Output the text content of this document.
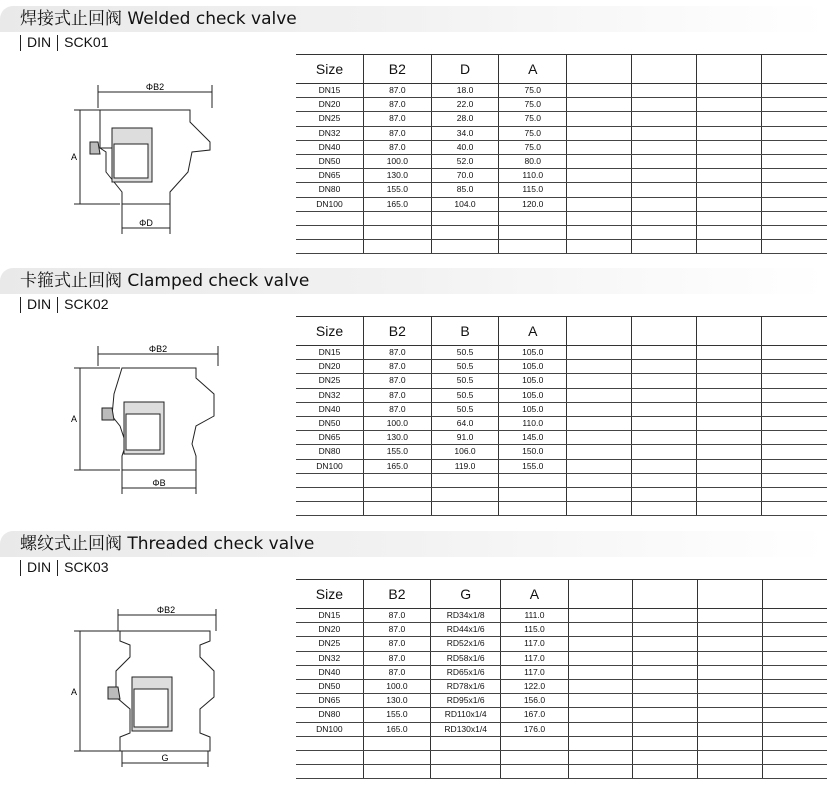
焊接式止回阀 Welded check valve
DIN SCK01
ΦB2
A
ΦD
Size	B2	D	A				
DN15	87.0	18.0	75.0				
DN20	87.0	22.0	75.0				
DN25	87.0	28.0	75.0				
DN32	87.0	34.0	75.0				
DN40	87.0	40.0	75.0				
DN50	100.0	52.0	80.0				
DN65	130.0	70.0	110.0				
DN80	155.0	85.0	115.0				
DN100	165.0	104.0	120.0				

卡箍式止回阀 Clamped check valve
DIN SCK02
ΦB2
A
ΦB
Size	B2	B	A				
DN15	87.0	50.5	105.0				
DN20	87.0	50.5	105.0				
DN25	87.0	50.5	105.0				
DN32	87.0	50.5	105.0				
DN40	87.0	50.5	105.0				
DN50	100.0	64.0	110.0				
DN65	130.0	91.0	145.0				
DN80	155.0	106.0	150.0				
DN100	165.0	119.0	155.0				

螺纹式止回阀 Threaded check valve
DIN SCK03
ΦB2
A
G
Size	B2	G	A				
DN15	87.0	RD34x1/8	111.0				
DN20	87.0	RD44x1/6	115.0				
DN25	87.0	RD52x1/6	117.0				
DN32	87.0	RD58x1/6	117.0				
DN40	87.0	RD65x1/6	117.0				
DN50	100.0	RD78x1/6	122.0				
DN65	130.0	RD95x1/6	156.0				
DN80	155.0	RD110x1/4	167.0				
DN100	165.0	RD130x1/4	176.0				
